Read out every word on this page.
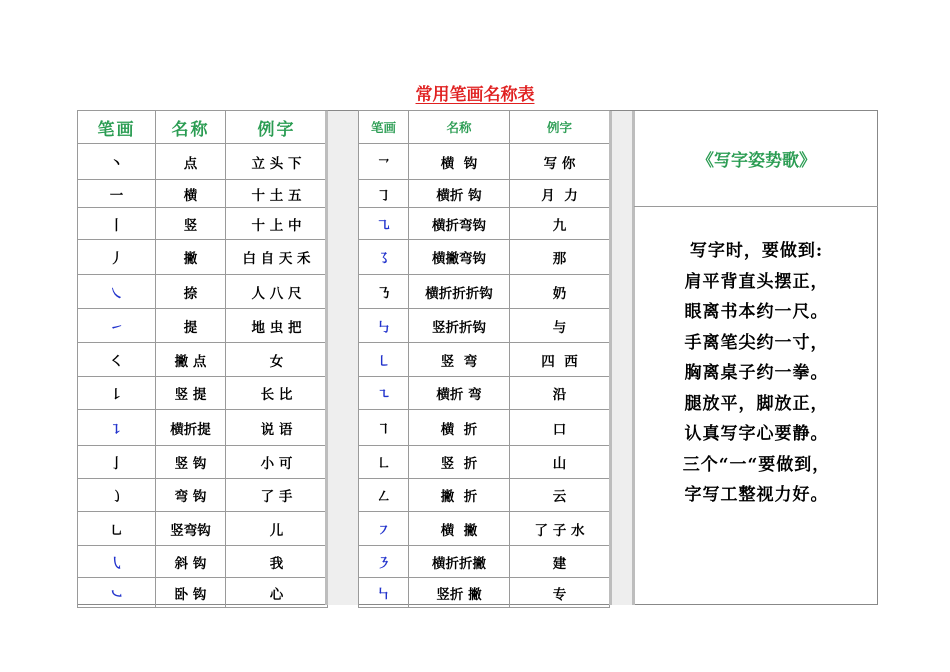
常用笔画名称表
笔画	名称	例字
丶	点	立 头 下
一	横	十 土 五
丨	竖	十 上 中
丿	撇	白 自 天 禾
㇏	捺	人 八 尺
㇀	提	地 虫 把
㇛	撇 点	女
㇙	竖 提	长 比
㇊	横折提	说 语
亅	竖 钩	小 可
㇁	弯 钩	了 手
㇟	竖弯钩	儿
㇂	斜 钩	我
㇃	卧 钩	心
笔画	名称	例字
㇖	横  钩	写 你
㇆	横折 钩	月  力
㇈	横折弯钩	九
㇌	横撇弯钩	那
㇡	横折折折钩	奶
㇉	竖折折钩	与
㇄	竖  弯	四  西
㇍	横折 弯	沿
㇕	横  折	口
㇗	竖  折	山
㇜	撇  折	云
㇇	横  撇	了 子 水
㇋	横折折撇	建
㇞	竖折 撇	专
《写字姿势歌》
写字时，要做到:
肩平背直头摆正，
眼离书本约一尺。
手离笔尖约一寸，
胸离桌子约一拳。
腿放平，脚放正，
认真写字心要静。
三个“一“要做到，
字写工整视力好。
